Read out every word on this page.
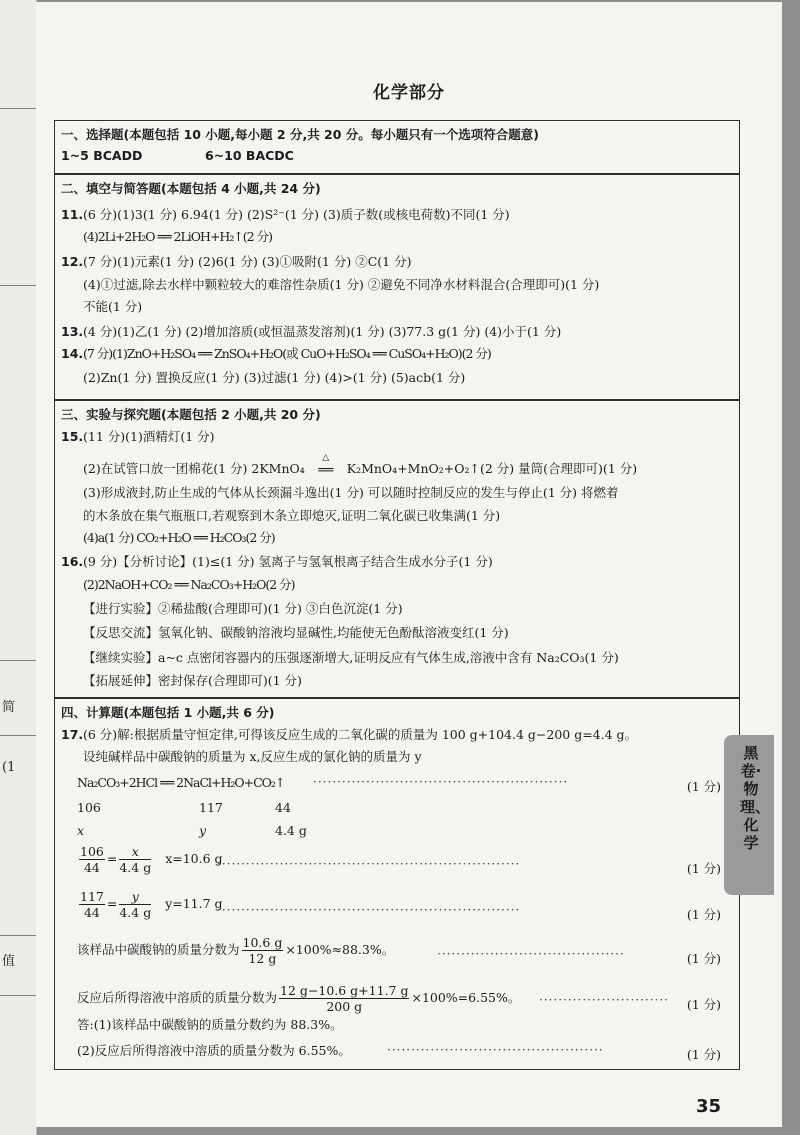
简
(1
值
化学部分
一、选择题(本题包括 10 小题,每小题 2 分,共 20 分。每小题只有一个选项符合题意)
1~5 BCADD	6~10 BACDC
二、填空与简答题(本题包括 4 小题,共 24 分)
11. (6 分)(1)3(1 分) 6.94(1 分) (2)S²⁻(1 分) (3)质子数(或核电荷数)不同(1 分)
(4)2Li+2H₂O ══ 2LiOH+H₂↑(2 分)
12. (7 分)(1)元素(1 分) (2)6(1 分) (3)①吸附(1 分) ②C(1 分)
(4)①过滤,除去水样中颗粒较大的难溶性杂质(1 分) ②避免不同净水材料混合(合理即可)(1 分)
不能(1 分)
13. (4 分)(1)乙(1 分) (2)增加溶质(或恒温蒸发溶剂)(1 分) (3)77.3 g(1 分) (4)小于(1 分)
14. (7 分)(1)ZnO+H₂SO₄ ══ ZnSO₄+H₂O(或 CuO+H₂SO₄ ══ CuSO₄+H₂O)(2 分)
(2)Zn(1 分) 置换反应(1 分) (3)过滤(1 分) (4)>(1 分) (5)acb(1 分)
三、实验与探究题(本题包括 2 小题,共 20 分)
15. (11 分)(1)酒精灯(1 分)
(2)在试管口放一团棉花(1 分) 2KMnO₄
△
══ K₂MnO₄+MnO₂+O₂↑(2 分) 量筒(合理即可)(1 分)
(3)形成液封,防止生成的气体从长颈漏斗逸出(1 分) 可以随时控制反应的发生与停止(1 分) 将燃着
的木条放在集气瓶瓶口,若观察到木条立即熄灭,证明二氧化碳已收集满(1 分)
(4)a(1 分) CO₂+H₂O ══ H₂CO₃(2 分)
16. (9 分)【分析讨论】(1)≤(1 分) 氢离子与氢氧根离子结合生成水分子(1 分)
(2)2NaOH+CO₂ ══ Na₂CO₃+H₂O(2 分)
【进行实验】②稀盐酸(合理即可)(1 分) ③白色沉淀(1 分)
【反思交流】氢氧化钠、碳酸钠溶液均显碱性,均能使无色酚酞溶液变红(1 分)
【继续实验】a~c 点密闭容器内的压强逐渐增大,证明反应有气体生成,溶液中含有 Na₂CO₃(1 分)
【拓展延伸】密封保存(合理即可)(1 分)
四、计算题(本题包括 1 小题,共 6 分)
17. (6 分)解:根据质量守恒定律,可得该反应生成的二氧化碳的质量为 100 g+104.4 g−200 g=4.4 g。
设纯碱样品中碳酸钠的质量为 x,反应生成的氯化钠的质量为 y
Na₂CO₃+2HCl ══ 2NaCl+H₂O+CO₂↑ ·····················································	(1 分)
106	117	44
x	y	4.4 g
$\frac{106}{44} = \frac{x}{4.4 g} x=10.6$ g
·······························································	(1 分)
$\frac{117}{44} = \frac{y}{4.4 g} y=11.7$ g
·······························································	(1 分)
该样品中碳酸钠的质量分数为 $\frac{10.6 g}{12 g} \times 100\%\approx 88.3\%$。	·······································	(1 分)
反应后所得溶液中溶质的质量分数为 $\frac{12 g-10.6 g+11.7 g}{200 g} \times 100\%=6.55\%$。 ··························· (1 分)
答:(1)该样品中碳酸钠的质量分数约为 88.3%。
(2)反应后所得溶液中溶质的质量分数为 6.55%。	·············································	(1 分)
黑卷·物理、化学
35
